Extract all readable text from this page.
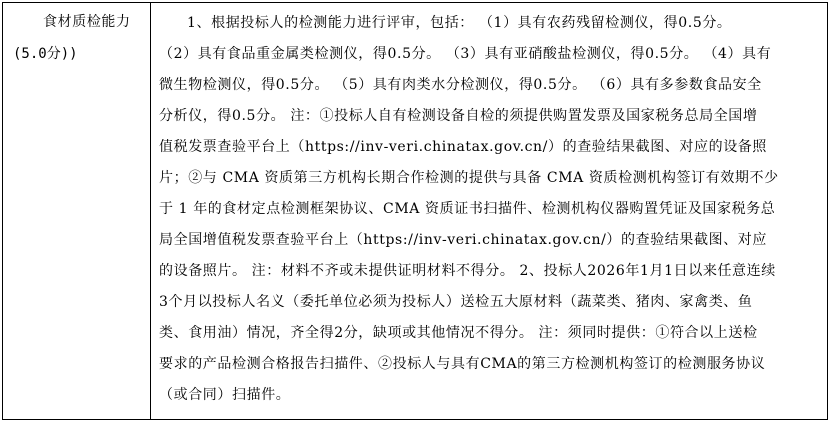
食材质检能力
(5.0分))
1、根据投标人的检测能力进行评审，包括： （1）具有农药残留检测仪，得0.5分。
（2）具有食品重金属类检测仪，得0.5分。 （3）具有亚硝酸盐检测仪，得0.5分。 （4）具有
微生物检测仪，得0.5分。 （5）具有肉类水分检测仪，得0.5分。 （6）具有多参数食品安全
分析仪，得0.5分。 注：①投标人自有检测设备自检的须提供购置发票及国家税务总局全国增
值税发票查验平台上（https://inv-veri.chinatax.gov.cn/）的查验结果截图、对应的设备照
片；②与 CMA 资质第三方机构长期合作检测的提供与具备 CMA 资质检测机构签订有效期不少
于 1 年的食材定点检测框架协议、CMA 资质证书扫描件、检测机构仪器购置凭证及国家税务总
局全国增值税发票查验平台上（https://inv-veri.chinatax.gov.cn/）的查验结果截图、对应
的设备照片。 注：材料不齐或未提供证明材料不得分。 2、投标人2026年1月1日以来任意连续
3个月以投标人名义（委托单位必须为投标人）送检五大原材料（蔬菜类、猪肉、家禽类、鱼
类、食用油）情况，齐全得2分，缺项或其他情况不得分。 注：须同时提供：①符合以上送检
要求的产品检测合格报告扫描件、②投标人与具有CMA的第三方检测机构签订的检测服务协议
（或合同）扫描件。
